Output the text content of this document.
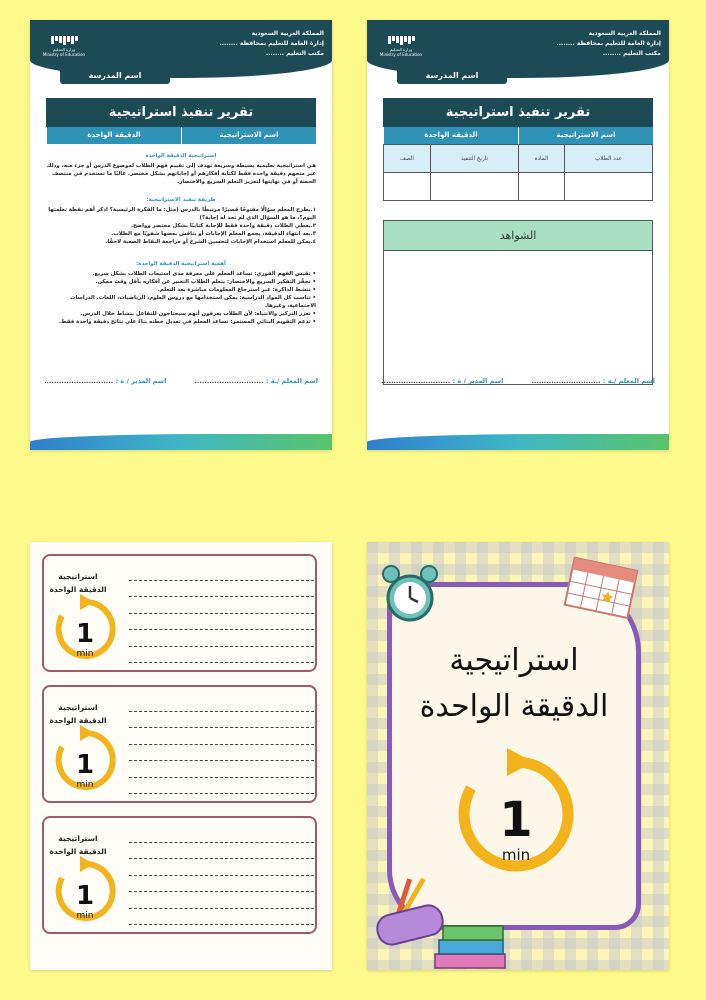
المملكة العربية السعودية
إدارة العامة للتعليم بمحافظة ........
مكتب التعليم ........
وزارة التعـليم
Ministry of Education
اسم المدرسة
تقرير تنفيذ استراتيجية
اسم الاستراتيجية
الدقيقة الواحدة
استراتيجية الدقيقة الواحدة

هي استراتيجية تعليمية بسيطة وسريعة تهدف إلى تقييم فهم الطلاب لموضوع الدرس أو جزء منه، وذلك عبر منحهم دقيقة واحدة فقط لكتابة أفكارهم أو إجاباتهم بشكل مختصر. غالبًا ما تستخدم في منتصف الحصة أو في نهايتها لتعزيز التعلم السريع والاختصار.

طريقة تنفيذ الاستراتيجية:

١.يطرح المعلم سؤالًا مفتوحًا قصيرًا مرتبطًا بالدرس (مثل: ما الفكرة الرئيسية؟ اذكر أهم نقطة تعلمتها اليوم؟، ما هو السؤال الذي لم تجد له إجابة؟)

٢.يعطي الطلاب دقيقة واحدة فقط للإجابة كتابيًا بشكل مختصر وواضح.

٣.بعد انتهاء الدقيقة، يجمع المعلم الإجابات أو يناقش بعضها شفويًا مع الطلاب.

٤.يمكن للمعلم استخدام الإجابات لتحسين الشرح أو مراجعة النقاط الصعبة لاحقًا.

أهمية استراتيجية الدقيقة الواحدة:

• تقيس الفهم الفوري: تساعد المعلم على معرفة مدى استيعاب الطلاب بشكل سريع.

• تحفّز التفكير السريع والاختصار: يتعلم الطلاب التعبير عن أفكاره بأقل وقت ممكن.

• تنشط الذاكرة: عبر استرجاع المعلومات مباشرة بعد التعلم.

• تناسب كل المواد الدراسية: يمكن استخدامها مع دروس العلوم، الرياضيات، اللغات، الدراسات الاجتماعية، وغيرها.

• تعزز التركيز والانتباه: لأن الطلاب يعرفون أنهم سيحتاجون للتفاعل بنشاط خلال الدرس.

• تدعم التقويم البنائي المستمر: تساعد المعلم في تعديل خطته بناءً على نتائج دقيقة واحدة فقط.

اسم المعلم /ـة : ............................
اسم المدير / ة : ............................
المملكة العربية السعودية
إدارة العامة للتعليم بمحافظة ........
مكتب التعليم ........
وزارة التعـليم
Ministry of Education
اسم المدرسة
تقرير تنفيذ استراتيجية
اسم الاستراتيجية
الدقيقة الواحدة
عدد الطلاب	المادة	تاريخ التنفيذ	الصف

الشواهد
اسم المعلم /ـة : ............................
اسم المدير / ة : ............................
استراتيجية
الدقيقة الواحدة
1
min
استراتيجية
الدقيقة الواحدة
1
min
استراتيجية
الدقيقة الواحدة
1
min
استراتيجية
الدقيقة الواحدة
1
min
